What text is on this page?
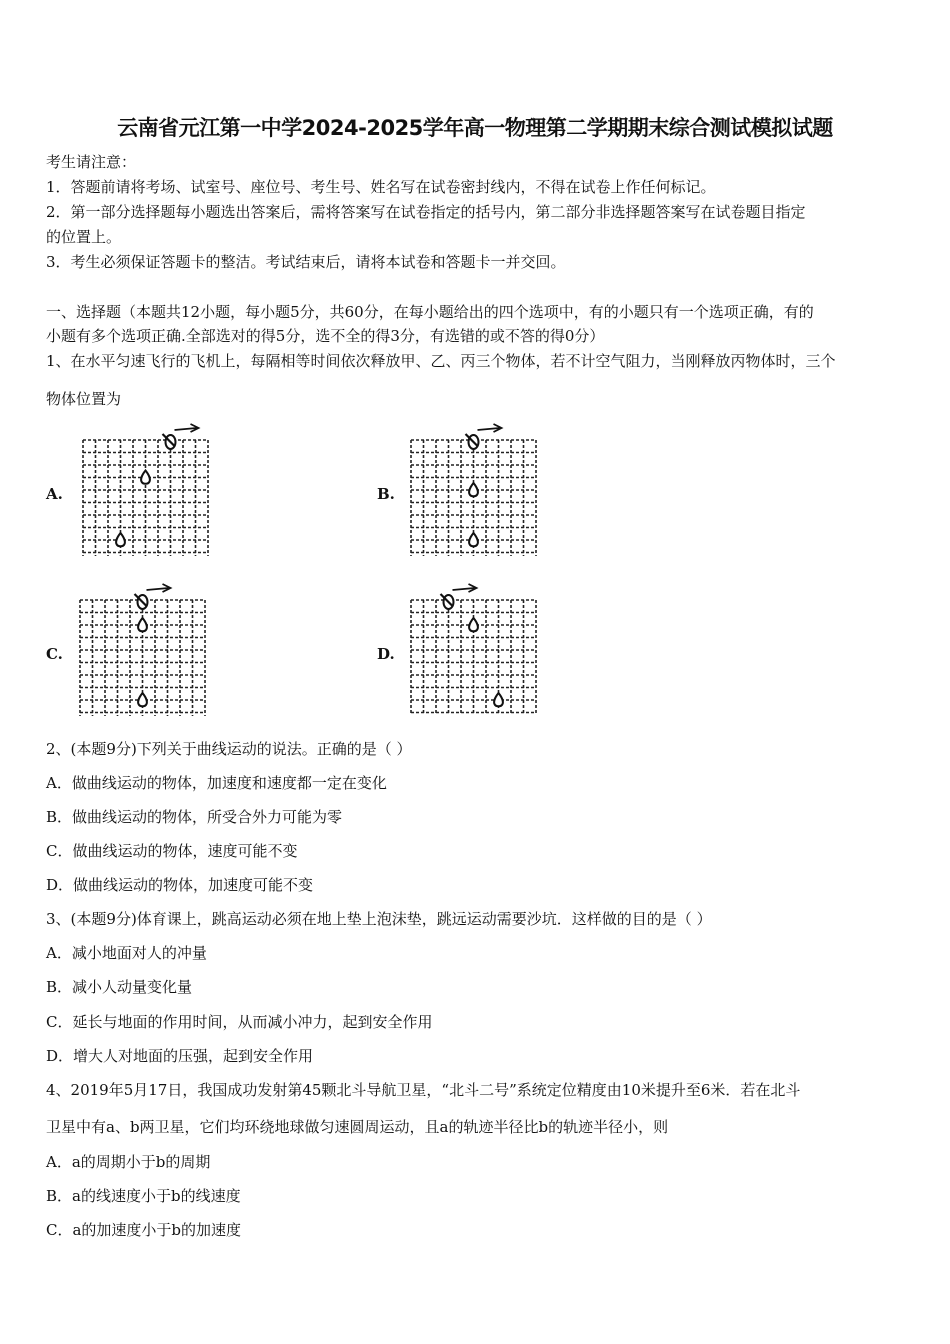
云南省元江第一中学2024-2025学年高一物理第二学期期末综合测试模拟试题
考生请注意：
1．答题前请将考场、试室号、座位号、考生号、姓名写在试卷密封线内，不得在试卷上作任何标记。
2．第一部分选择题每小题选出答案后，需将答案写在试卷指定的括号内，第二部分非选择题答案写在试卷题目指定
的位置上。
3．考生必须保证答题卡的整洁。考试结束后，请将本试卷和答题卡一并交回。
一、选择题（本题共12小题，每小题5分，共60分，在每小题给出的四个选项中，有的小题只有一个选项正确，有的
小题有多个选项正确.全部选对的得5分，选不全的得3分，有选错的或不答的得0分）
1、在水平匀速飞行的飞机上，每隔相等时间依次释放甲、乙、丙三个物体，若不计空气阻力，当刚释放丙物体时，三个
物体位置为
A.	B.
C.	D.
2、(本题9分)下列关于曲线运动的说法。正确的是（ ）
A．做曲线运动的物体，加速度和速度都一定在变化
B．做曲线运动的物体，所受合外力可能为零
C．做曲线运动的物体，速度可能不变
D．做曲线运动的物体，加速度可能不变
3、(本题9分)体育课上，跳高运动必须在地上垫上泡沫垫，跳远运动需要沙坑．这样做的目的是（ ）
A．减小地面对人的冲量
B．减小人动量变化量
C．延长与地面的作用时间，从而减小冲力，起到安全作用
D．增大人对地面的压强，起到安全作用
4、2019年5月17日，我国成功发射第45颗北斗导航卫星，“北斗二号”系统定位精度由10米提升至6米．若在北斗
卫星中有a、b两卫星，它们均环绕地球做匀速圆周运动，且a的轨迹半径比b的轨迹半径小，则
A．a的周期小于b的周期
B．a的线速度小于b的线速度
C．a的加速度小于b的加速度
